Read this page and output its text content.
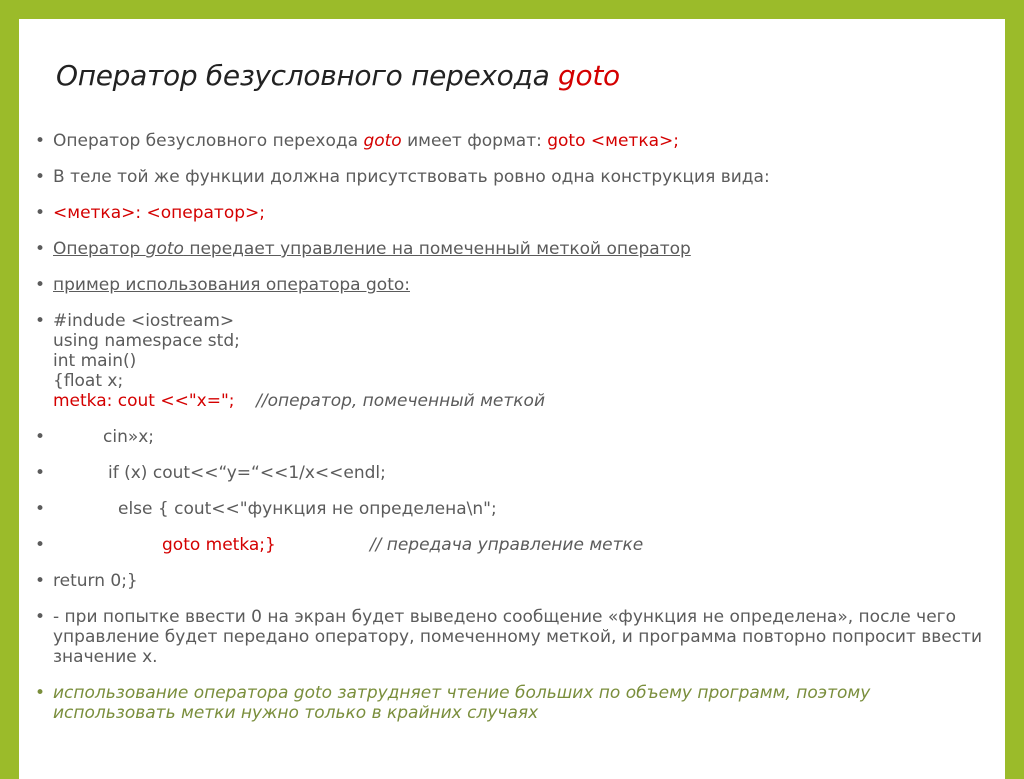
Оператор безусловного перехода goto
• Оператор безусловного перехода goto имеет формат: goto <метка>;
• В теле той же функции должна присутствовать ровно одна конструкция вида:
• <метка>: <оператор>;
• Оператор goto передает управление на помеченный меткой оператор
• пример использования оператора goto:
• #indude <iostream>
using namespace std;
int main()
{float x;
metka: cout <<"x=";    //оператор, помеченный меткой
•	cin»x;
•	if (x) cout<<“y=“<<1/x<<endl;
•	else { cout<<"функция не определена\n";
•	goto metka;}	// передача управление метке
• return 0;}
• - при попытке ввести 0 на экран будет выведено сообщение «функция не определена», после чего управление будет передано оператору, помеченному меткой, и программа повторно попросит ввести значение x.
• использование оператора goto затрудняет чтение больших по объему программ, поэтому использовать метки нужно только в крайних случаях
